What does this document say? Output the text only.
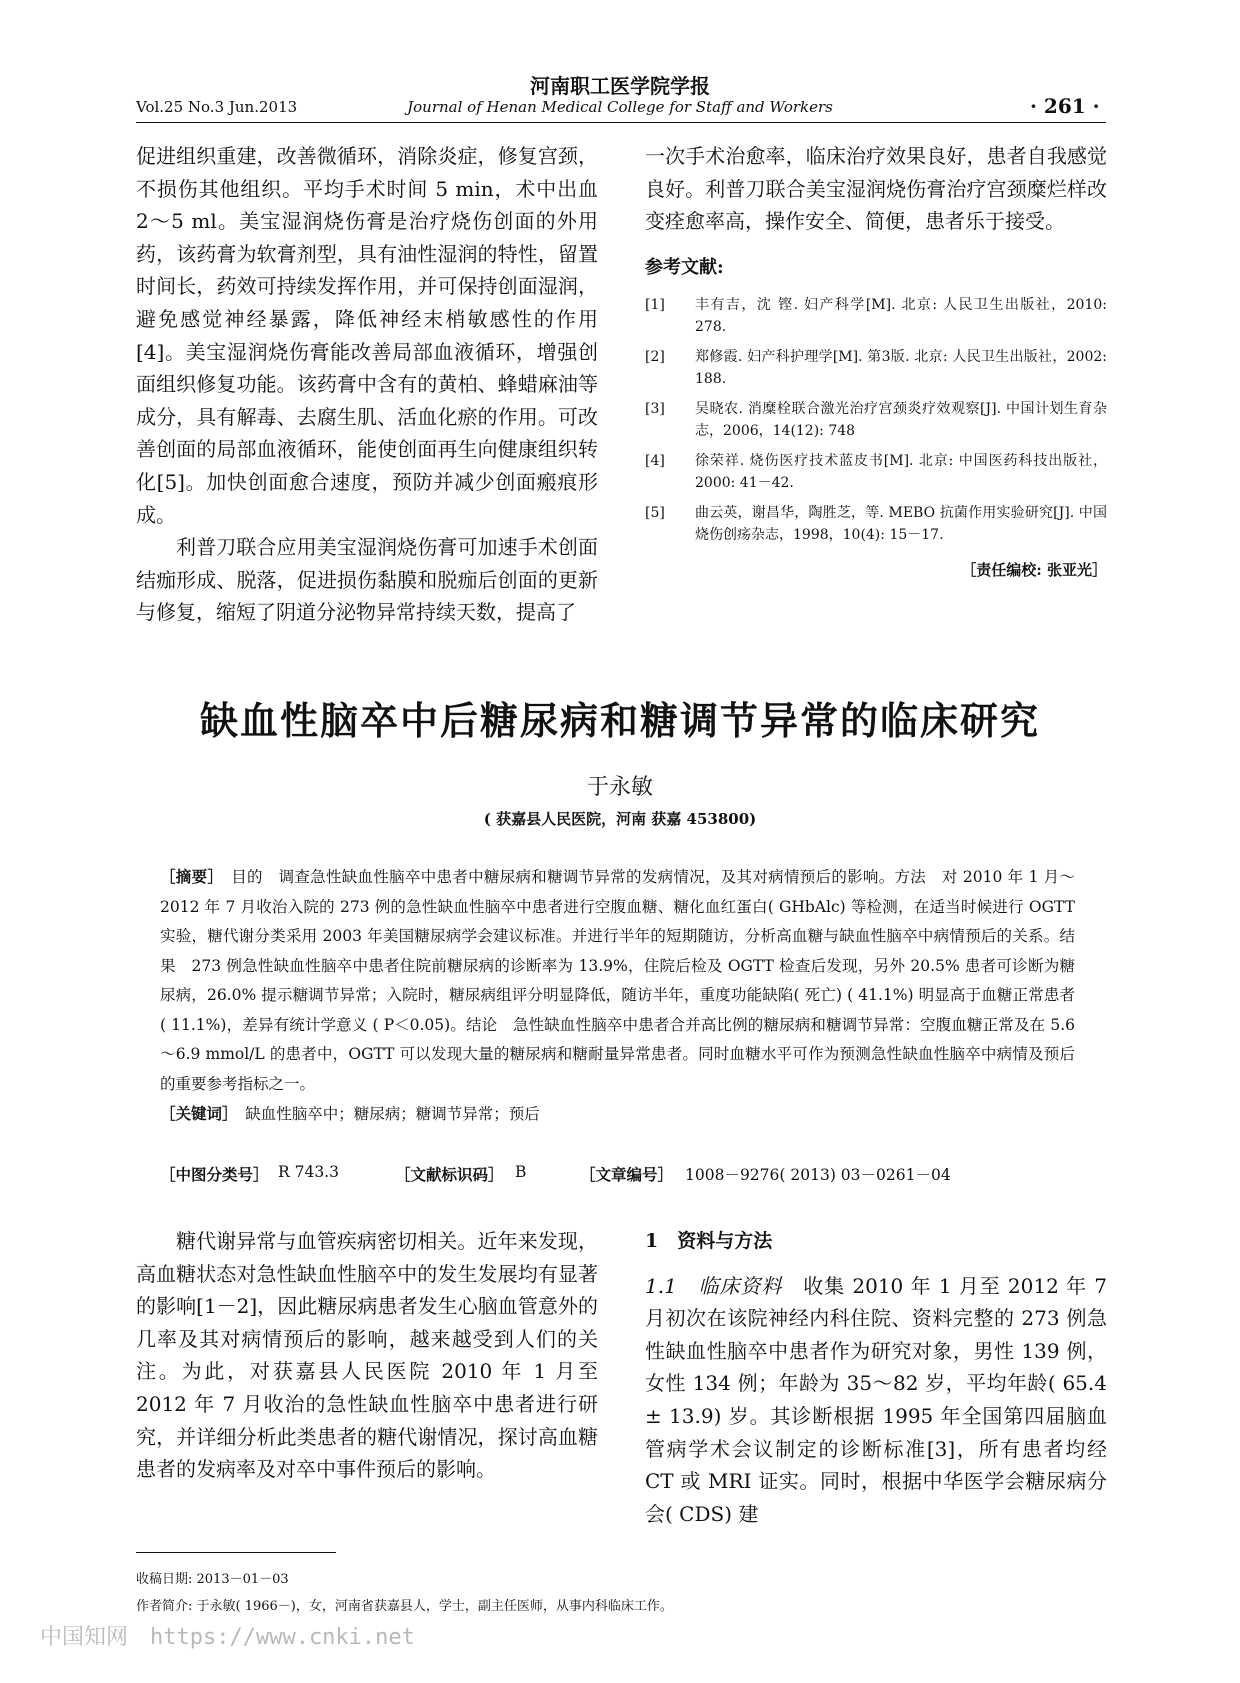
河南职工医学院学报
Vol.25 No.3 Jun.2013	Journal of Henan Medical College for Staff and Workers	· 261 ·

促进组织重建，改善微循环，消除炎症，修复宫颈，不损伤其他组织。平均手术时间 5 min，术中出血 2～5 ml。美宝湿润烧伤膏是治疗烧伤创面的外用药，该药膏为软膏剂型，具有油性湿润的特性，留置时间长，药效可持续发挥作用，并可保持创面湿润，避免感觉神经暴露，降低神经末梢敏感性的作用[4]。美宝湿润烧伤膏能改善局部血液循环，增强创面组织修复功能。该药膏中含有的黄柏、蜂蜡麻油等成分，具有解毒、去腐生肌、活血化瘀的作用。可改善创面的局部血液循环，能使创面再生向健康组织转化[5]。加快创面愈合速度，预防并减少创面瘢痕形成。

利普刀联合应用美宝湿润烧伤膏可加速手术创面结痂形成、脱落，促进损伤黏膜和脱痂后创面的更新与修复，缩短了阴道分泌物异常持续天数，提高了

一次手术治愈率，临床治疗效果良好，患者自我感觉良好。利普刀联合美宝湿润烧伤膏治疗宫颈糜烂样改变痊愈率高，操作安全、简便，患者乐于接受。

参考文献:
[1]	丰有吉，沈 铿. 妇产科学[M]. 北京: 人民卫生出版社，2010: 278.
[2]	郑修霞. 妇产科护理学[M]. 第3版. 北京: 人民卫生出版社，2002: 188.
[3]	吴晓农. 消糜栓联合激光治疗宫颈炎疗效观察[J]. 中国计划生育杂志，2006，14(12): 748
[4]	徐荣祥. 烧伤医疗技术蓝皮书[M]. 北京: 中国医药科技出版社，2000: 41－42.
[5]	曲云英，谢昌华，陶胜芝，等. MEBO 抗菌作用实验研究[J]. 中国烧伤创疡杂志，1998，10(4): 15－17.
［责任编校: 张亚光］
缺血性脑卒中后糖尿病和糖调节异常的临床研究
于永敏
( 获嘉县人民医院，河南 获嘉 453800)

［摘要］　 目的　调查急性缺血性脑卒中患者中糖尿病和糖调节异常的发病情况，及其对病情预后的影响。方法　对 2010 年 1 月～2012 年 7 月收治入院的 273 例的急性缺血性脑卒中患者进行空腹血糖、糖化血红蛋白( GHbAlc) 等检测，在适当时候进行 OGTT 实验，糖代谢分类采用 2003 年美国糖尿病学会建议标准。并进行半年的短期随访，分析高血糖与缺血性脑卒中病情预后的关系。结果　273 例急性缺血性脑卒中患者住院前糖尿病的诊断率为 13.9%，住院后检及 OGTT 检查后发现，另外 20.5% 患者可诊断为糖尿病，26.0% 提示糖调节异常；入院时，糖尿病组评分明显降低，随访半年，重度功能缺陷( 死亡) ( 41.1%) 明显高于血糖正常患者 ( 11.1%)，差异有统计学意义 ( P＜0.05)。结论　急性缺血性脑卒中患者合并高比例的糖尿病和糖调节异常：空腹血糖正常及在 5.6～6.9 mmol/L 的患者中，OGTT 可以发现大量的糖尿病和糖耐量异常患者。同时血糖水平可作为预测急性缺血性脑卒中病情及预后的重要参考指标之一。

［关键词］　 缺血性脑卒中；糖尿病；糖调节异常；预后

［中图分类号］ R 743.3	［文献标识码］ B	［文章编号］ 1008－9276( 2013) 03－0261－04

糖代谢异常与血管疾病密切相关。近年来发现，高血糖状态对急性缺血性脑卒中的发生发展均有显著的影响[1－2]，因此糖尿病患者发生心脑血管意外的几率及其对病情预后的影响，越来越受到人们的关注。为此，对获嘉县人民医院 2010 年 1 月至 2012 年 7 月收治的急性缺血性脑卒中患者进行研究，并详细分析此类患者的糖代谢情况，探讨高血糖患者的发病率及对卒中事件预后的影响。

1　资料与方法

1.1　临床资料　 收集 2010 年 1 月至 2012 年 7 月初次在该院神经内科住院、资料完整的 273 例急性缺血性脑卒中患者作为研究对象，男性 139 例，女性 134 例；年龄为 35～82 岁，平均年龄( 65.4 ± 13.9) 岁。其诊断根据 1995 年全国第四届脑血管病学术会议制定的诊断标准[3]，所有患者均经 CT 或 MRI 证实。同时，根据中华医学会糖尿病分会( CDS) 建

收稿日期: 2013－01－03
作者简介: 于永敏( 1966－)，女，河南省获嘉县人，学士，副主任医师，从事内科临床工作。
中国知网　https://www.cnki.net
